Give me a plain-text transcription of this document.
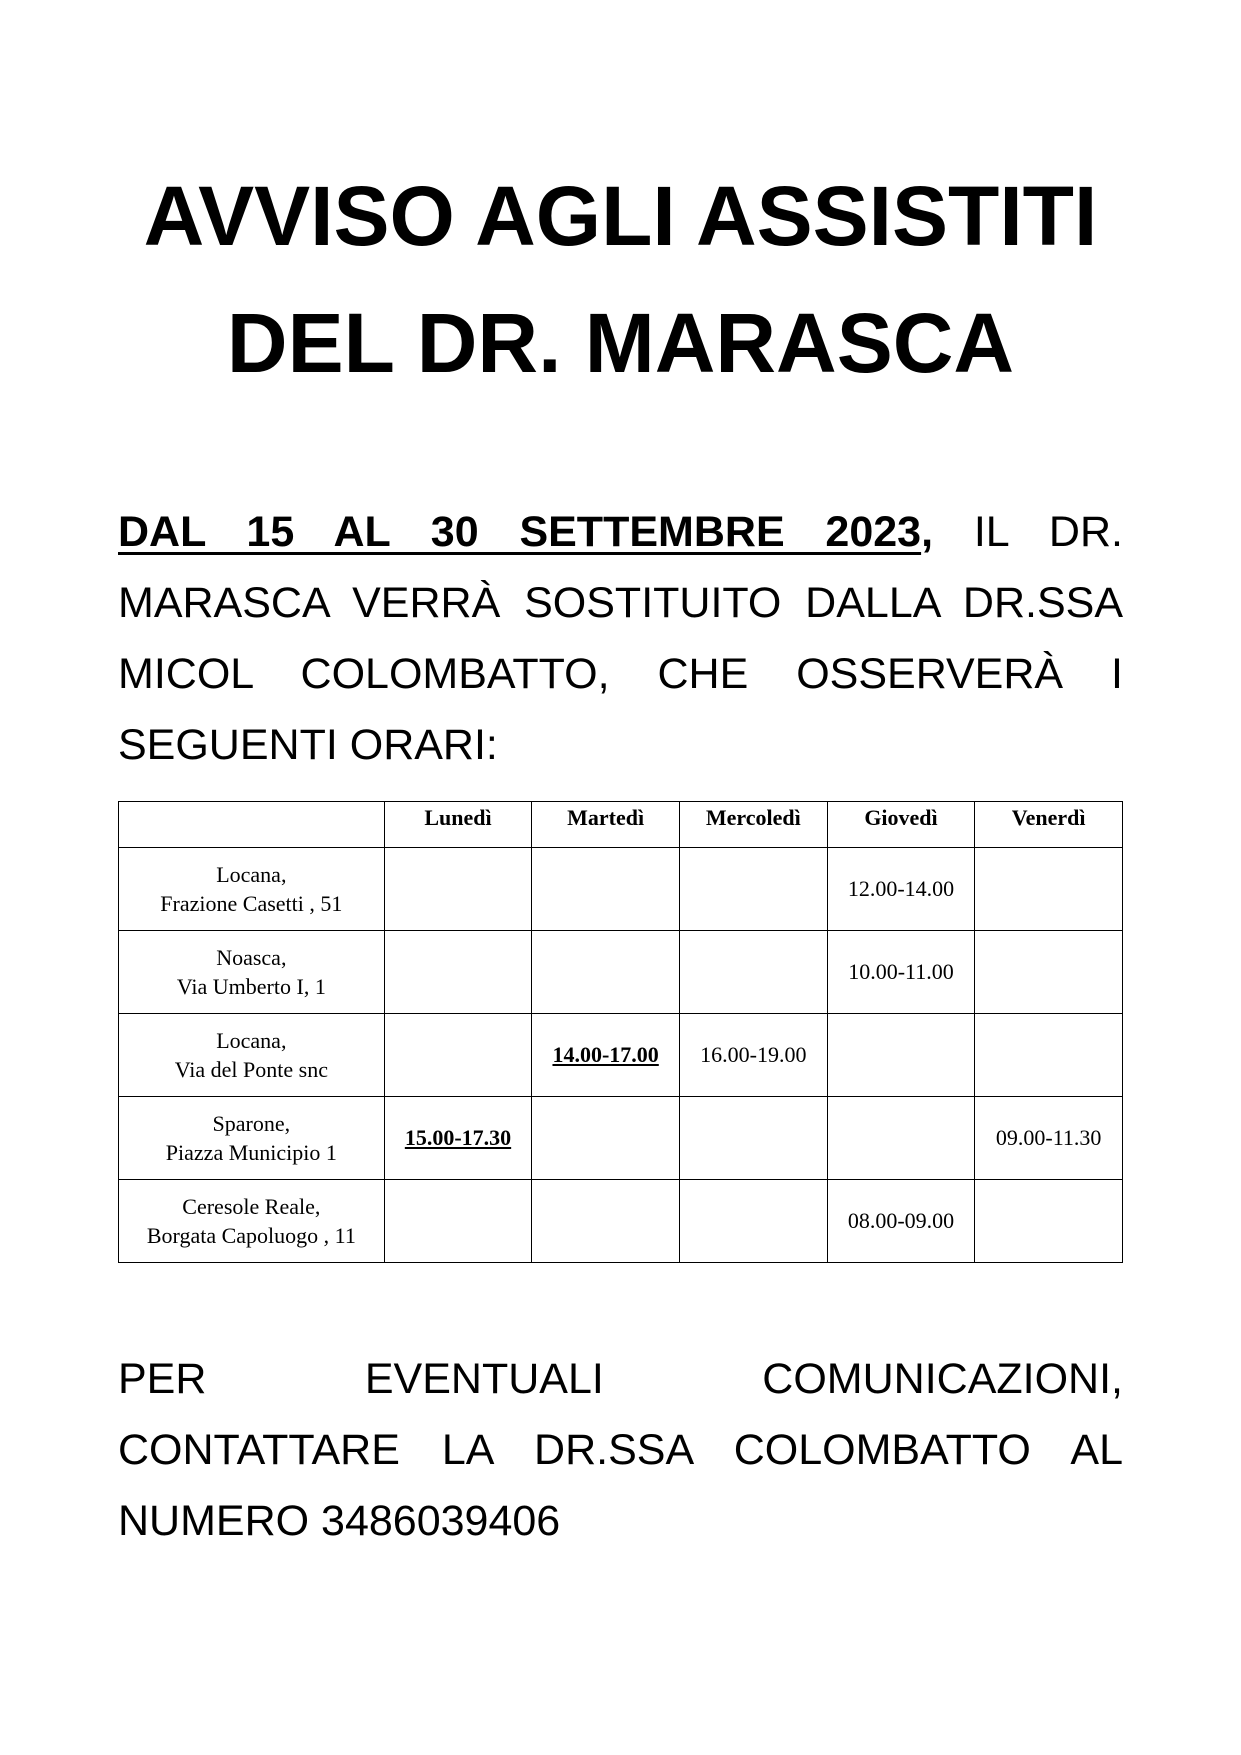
AVVISO AGLI ASSISTITI
DEL DR. MARASCA

DAL 15 AL 30 SETTEMBRE 2023, IL DR. MARASCA VERRÀ SOSTITUITO DALLA DR.SSA MICOL COLOMBATTO, CHE OSSERVERÀ I SEGUENTI ORARI:

	Lunedì	Martedì	Mercoledì	Giovedì	Venerdì

Locana,
Frazione Casetti , 51				12.00-14.00	

Noasca,
Via Umberto I, 1				10.00-11.00	

Locana,
Via del Ponte snc		14.00-17.00	16.00-19.00		

Sparone,
Piazza Municipio 1	15.00-17.30				09.00-11.30

Ceresole Reale,
Borgata Capoluogo , 11				08.00-09.00	

PER EVENTUALI COMUNICAZIONI, CONTATTARE LA DR.SSA COLOMBATTO AL NUMERO 3486039406
